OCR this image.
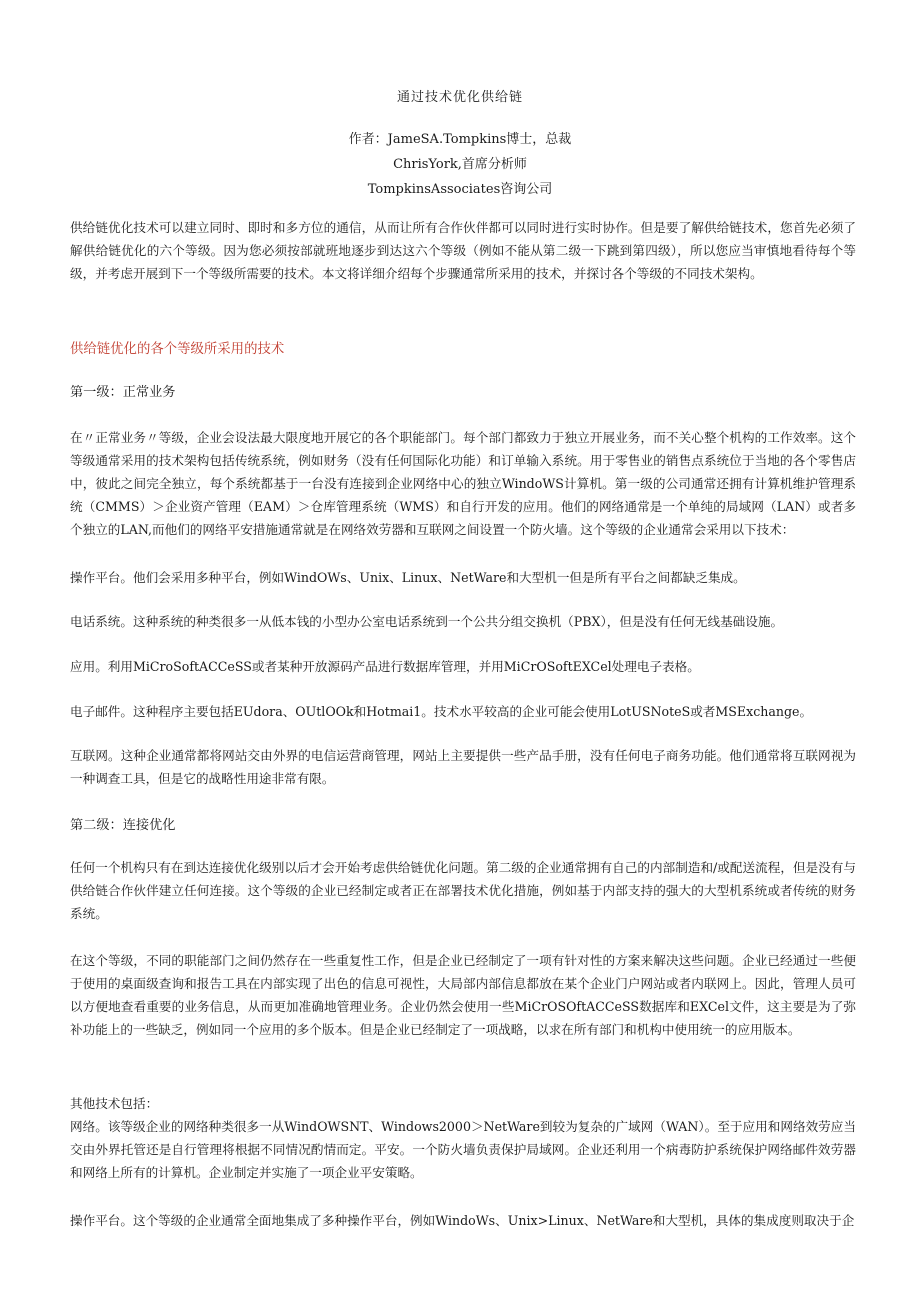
通过技术优化供给链
作者：JameSA.Tompkins博士，总裁
ChrisYork,首席分析师
TompkinsAssociates咨询公司

供给链优化技术可以建立同时、即时和多方位的通信，从而让所有合作伙伴都可以同时进行实时协作。但是要了解供给链技术，您首先必须了解供给链优化的六个等级。因为您必须按部就班地逐步到达这六个等级（例如不能从第二级一下跳到第四级），所以您应当审慎地看待每个等级，并考虑开展到下一个等级所需要的技术。本文将详细介绍每个步骤通常所采用的技术，并探讨各个等级的不同技术架构。

供给链优化的各个等级所采用的技术

第一级：正常业务

在〃正常业务〃等级，企业会设法最大限度地开展它的各个职能部门。每个部门都致力于独立开展业务，而不关心整个机构的工作效率。这个等级通常采用的技术架构包括传统系统，例如财务（没有任何国际化功能）和订单输入系统。用于零售业的销售点系统位于当地的各个零售店中，彼此之间完全独立，每个系统都基于一台没有连接到企业网络中心的独立WindoWS计算机。第一级的公司通常还拥有计算机维护管理系统（CMMS）＞企业资产管理（EAM）＞仓库管理系统（WMS）和自行开发的应用。他们的网络通常是一个单纯的局域网（LAN）或者多个独立的LAN,而他们的网络平安措施通常就是在网络效劳器和互联网之间设置一个防火墙。这个等级的企业通常会采用以下技术：

操作平台。他们会采用多种平台，例如WindOWs、Unix、Linux、NetWare和大型机一但是所有平台之间都缺乏集成。

电话系统。这种系统的种类很多一从低本钱的小型办公室电话系统到一个公共分组交换机（PBX），但是没有任何无线基础设施。

应用。利用MiCroSoftACCeSS或者某种开放源码产品进行数据库管理，并用MiCrOSoftEXCel处理电子表格。

电子邮件。这种程序主要包括EUdora、OUtlOOk和Hotmai1。技术水平较高的企业可能会使用LotUSNoteS或者MSExchange。

互联网。这种企业通常都将网站交由外界的电信运营商管理，网站上主要提供一些产品手册，没有任何电子商务功能。他们通常将互联网视为一种调查工具，但是它的战略性用途非常有限。

第二级：连接优化

任何一个机构只有在到达连接优化级别以后才会开始考虑供给链优化问题。第二级的企业通常拥有自己的内部制造和/或配送流程，但是没有与供给链合作伙伴建立任何连接。这个等级的企业已经制定或者正在部署技术优化措施，例如基于内部支持的强大的大型机系统或者传统的财务系统。

在这个等级，不同的职能部门之间仍然存在一些重复性工作，但是企业已经制定了一项有针对性的方案来解决这些问题。企业已经通过一些便于使用的桌面级查询和报告工具在内部实现了出色的信息可视性，大局部内部信息都放在某个企业门户网站或者内联网上。因此，管理人员可以方便地查看重要的业务信息，从而更加准确地管理业务。企业仍然会使用一些MiCrOSOftACCeSS数据库和EXCel文件，这主要是为了弥补功能上的一些缺乏，例如同一个应用的多个版本。但是企业已经制定了一项战略，以求在所有部门和机构中使用统一的应用版本。

其他技术包括：

网络。该等级企业的网络种类很多一从WindOWSNT、Windows2000＞NetWare到较为复杂的广域网（WAN）。至于应用和网络效劳应当交由外界托管还是自行管理将根据不同情况酌情而定。平安。一个防火墙负责保护局域网。企业还利用一个病毒防护系统保护网络邮件效劳器和网络上所有的计算机。企业制定并实施了一项企业平安策略。

操作平台。这个等级的企业通常全面地集成了多种操作平台，例如WindoWs、Unix>Linux、NetWare和大型机，具体的集成度则取决于企
